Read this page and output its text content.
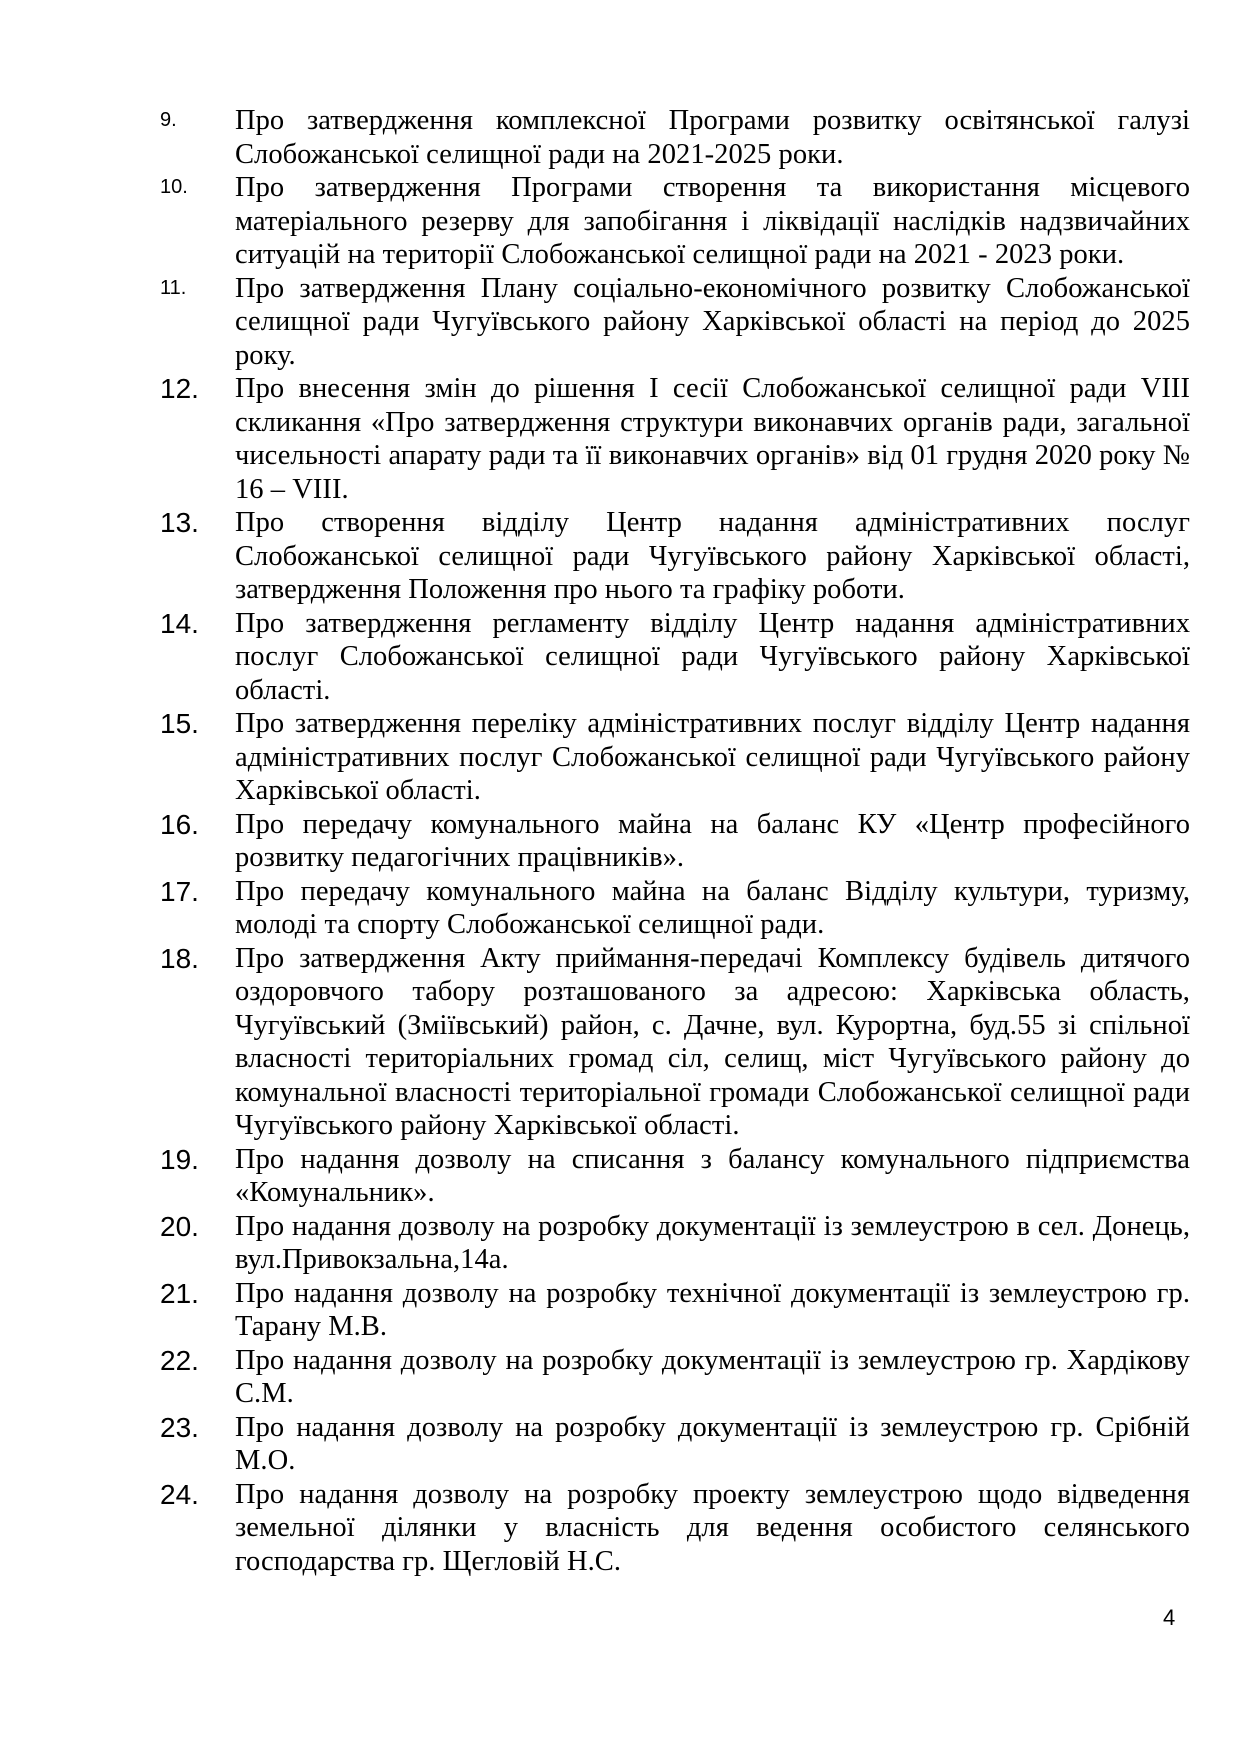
9.	Про затвердження комплексної Програми розвитку освітянської галузі Слобожанської селищної ради на 2021-2025 роки.
10.	Про затвердження Програми створення та використання місцевого матеріального резерву для запобігання і ліквідації наслідків надзвичайних ситуацій на території Слобожанської селищної ради на 2021 - 2023 роки.
11.	Про затвердження Плану соціально-економічного розвитку Слобожанської селищної ради Чугуївського району Харківської області на період до 2025 року.
12.	Про внесення змін до рішення І сесії Слобожанської селищної ради VIII скликання «Про затвердження структури виконавчих органів ради, загальної чисельності апарату ради та її виконавчих органів» від 01 грудня 2020 року № 16 – VIII.
13.	Про створення відділу Центр надання адміністративних послуг Слобожанської селищної ради Чугуївського району Харківської області, затвердження Положення про нього та графіку роботи.
14.	Про затвердження регламенту відділу Центр надання адміністративних послуг Слобожанської селищної ради Чугуївського району Харківської області.
15.	Про затвердження переліку адміністративних послуг відділу Центр надання адміністративних послуг Слобожанської селищної ради Чугуївського району Харківської області.
16.	Про передачу комунального майна на баланс КУ «Центр професійного розвитку педагогічних працівників».
17.	Про передачу комунального майна на баланс Відділу культури, туризму, молоді та спорту Слобожанської селищної ради.
18.	Про затвердження Акту приймання-передачі Комплексу будівель дитячого оздоровчого табору розташованого за адресою: Харківська область, Чугуївський (Зміївський) район, с. Дачне, вул. Курортна, буд.55 зі спільної власності територіальних громад сіл, селищ, міст Чугуївського району до комунальної власності територіальної громади Слобожанської селищної ради Чугуївського району Харківської області.
19.	Про надання дозволу на списання з балансу комунального підприємства «Комунальник».
20.	Про надання дозволу на розробку документації із землеустрою в сел. Донець, вул.Привокзальна,14а.
21.	Про надання дозволу на розробку технічної документації із землеустрою гр. Тарану М.В.
22.	Про надання дозволу на розробку документації із землеустрою гр. Хардікову С.М.
23.	Про надання дозволу на розробку документації із землеустрою гр. Срібній М.О.
24.	Про надання дозволу на розробку проекту землеустрою щодо відведення земельної ділянки у власність для ведення особистого селянського господарства гр. Щегловій Н.С.
4
